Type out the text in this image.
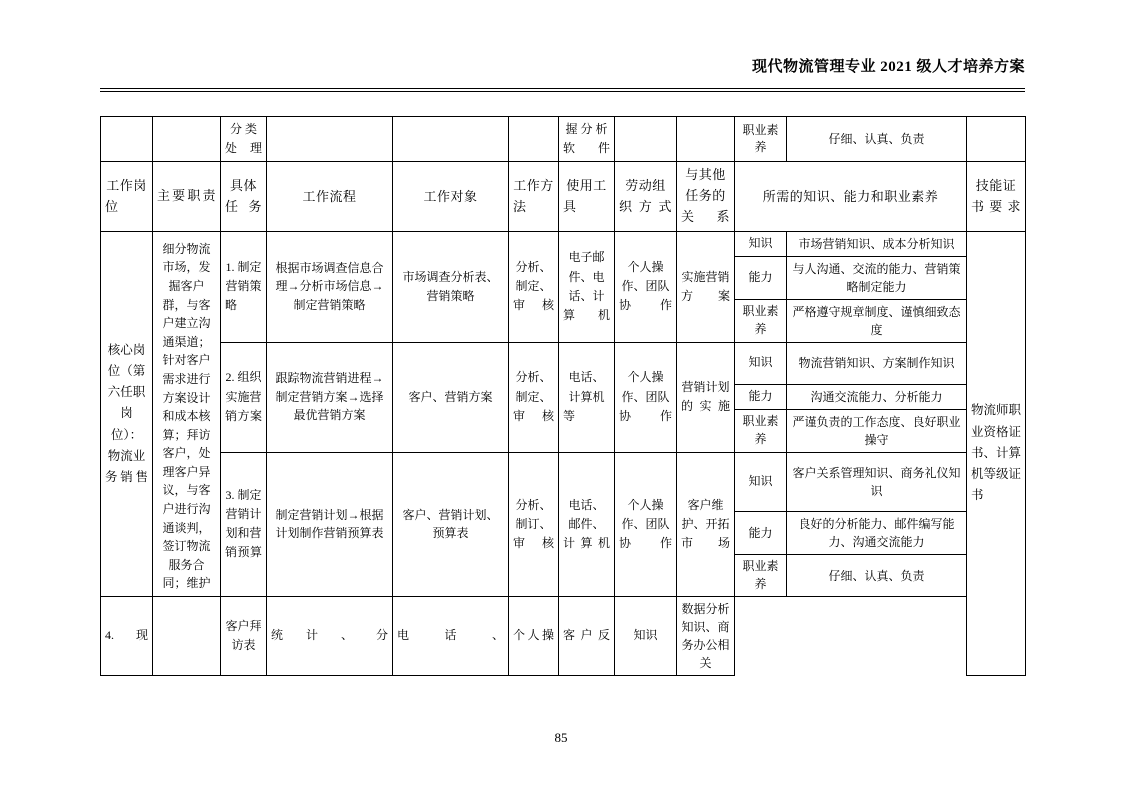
现代物流管理专业 2021 级人才培养方案
		分 类 处 理				握 分 析 软件			职业素养	仔细、认真、负责	
工作岗位	主要职责	具体任务	工作流程	工作对象	工作方法	使用工具	劳动组织方式	与其他任务的关系	所需的知识、能力和职业素养		技能证书要求
核心岗位（第六任职岗位）：物流业务销售	细分物流市场，发掘客户群，与客户建立沟通渠道；针对客户需求进行方案设计和成本核算；拜访客户，处理客户异议，与客户进行沟通谈判，签订物流服务合同；维护	1. 制定营销策略	根据市场调查信息合理→分析市场信息→制定营销策略	市场调查分析表、营销策略	分析、制定、审核	电子邮件、电话、计算机	个人操作、团队协作	实施营销方案	知识	市场营销知识、成本分析知识	物流师职业资格证书、计算机等级证书
									能力	与人沟通、交流的能力、营销策略制定能力	
									职业素养	严格遵守规章制度、谨慎细致态度	
		2. 组织实施营销方案	跟踪物流营销进程→制定营销方案→选择最优营销方案	客户、营销方案	分析、制定、审核	电话、计算机等	个人操作、团队协作	营销计划的实施	知识	物流营销知识、方案制作知识	
									能力	沟通交流能力、分析能力	
									职业素养	严谨负责的工作态度、良好职业操守	
		3. 制定营销计划和营销预算	制定营销计划→根据计划制作营销预算表	客户、营销计划、预算表	分析、制订、审核	电话、邮件、计算机	个人操作、团队协作	客户维护、开拓市场	知识	客户关系管理知识、商务礼仪知识	
									能力	良好的分析能力、邮件编写能力、沟通交流能力	
									职业素养	仔细、认真、负责	
4. 现		客户拜访表	统计、分	电话、	个人操	客户反	知识	数据分析知识、商务办公相关			
85
